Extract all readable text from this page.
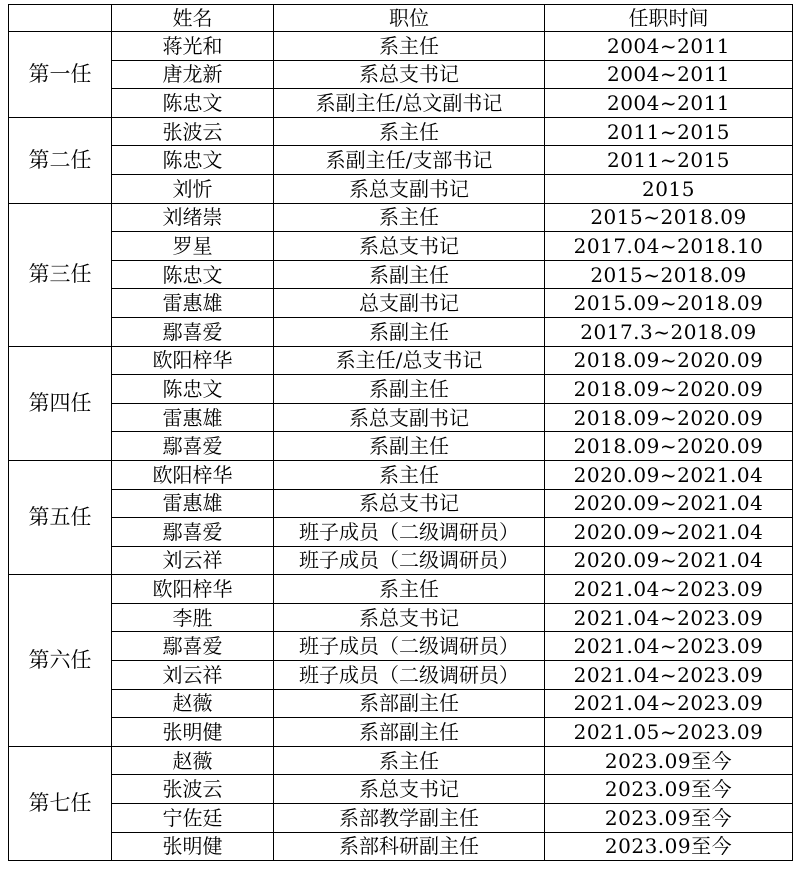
	姓名	职位	任职时间
第一任	蒋光和	系主任	2004~2011
	唐龙新	系总支书记	2004~2011
	陈忠文	系副主任/总文副书记	2004~2011
第二任	张波云	系主任	2011~2015
	陈忠文	系副主任/支部书记	2011~2015
	刘忻	系总支副书记	2015
第三任	刘绪崇	系主任	2015~2018.09
	罗星	系总支书记	2017.04~2018.10
	陈忠文	系副主任	2015~2018.09
	雷惠雄	总支副书记	2015.09~2018.09
	鄢喜爱	系副主任	2017.3~2018.09
第四任	欧阳梓华	系主任/总支书记	2018.09~2020.09
	陈忠文	系副主任	2018.09~2020.09
	雷惠雄	系总支副书记	2018.09~2020.09
	鄢喜爱	系副主任	2018.09~2020.09
第五任	欧阳梓华	系主任	2020.09~2021.04
	雷惠雄	系总支书记	2020.09~2021.04
	鄢喜爱	班子成员（二级调研员）	2020.09~2021.04
	刘云祥	班子成员（二级调研员）	2020.09~2021.04
第六任	欧阳梓华	系主任	2021.04~2023.09
	李胜	系总支书记	2021.04~2023.09
	鄢喜爱	班子成员（二级调研员）	2021.04~2023.09
	刘云祥	班子成员（二级调研员）	2021.04~2023.09
	赵薇	系部副主任	2021.04~2023.09
	张明健	系部副主任	2021.05~2023.09
第七任	赵薇	系主任	2023.09至今
	张波云	系总支书记	2023.09至今
	宁佐廷	系部教学副主任	2023.09至今
	张明健	系部科研副主任	2023.09至今
